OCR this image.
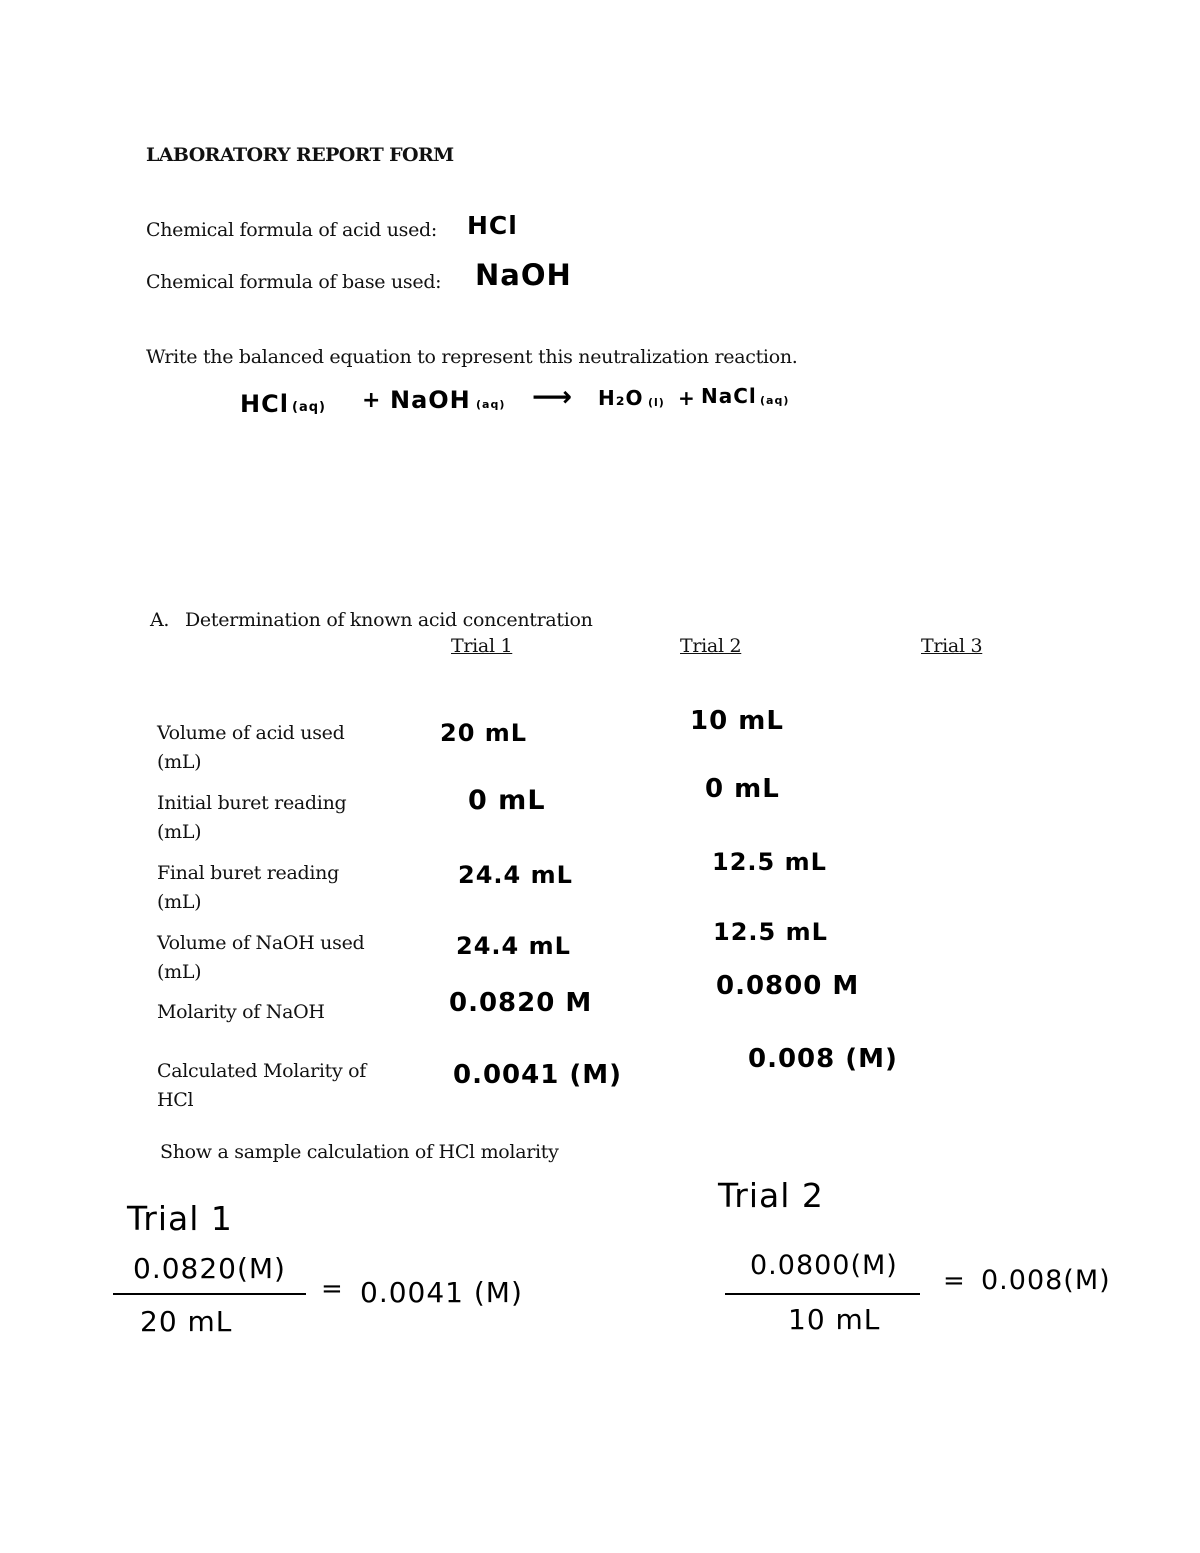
LABORATORY REPORT FORM
Chemical formula of acid used: HCl
Chemical formula of base used: NaOH
Write the balanced equation to represent this neutralization reaction.
HCl (aq) + NaOH (aq) ⟶ H₂O (l) + NaCl (aq)
A. Determination of known acid concentration
Trial 1	Trial 2	Trial 3
Volume of acid used
(mL)
Initial buret reading
(mL)
Final buret reading
(mL)
Volume of NaOH used
(mL)
Molarity of NaOH
Calculated Molarity of
HCl
20 mL
0 mL
24.4 mL
24.4 mL
0.0820 M
0.0041 (M)
10 mL
0 mL
12.5 mL
12.5 mL
0.0800 M
0.008 (M)
Show a sample calculation of HCl molarity
Trial 1
0.0820(M)
20 mL
= 0.0041 (M)
Trial 2
0.0800(M)
10 mL
= 0.008(M)
